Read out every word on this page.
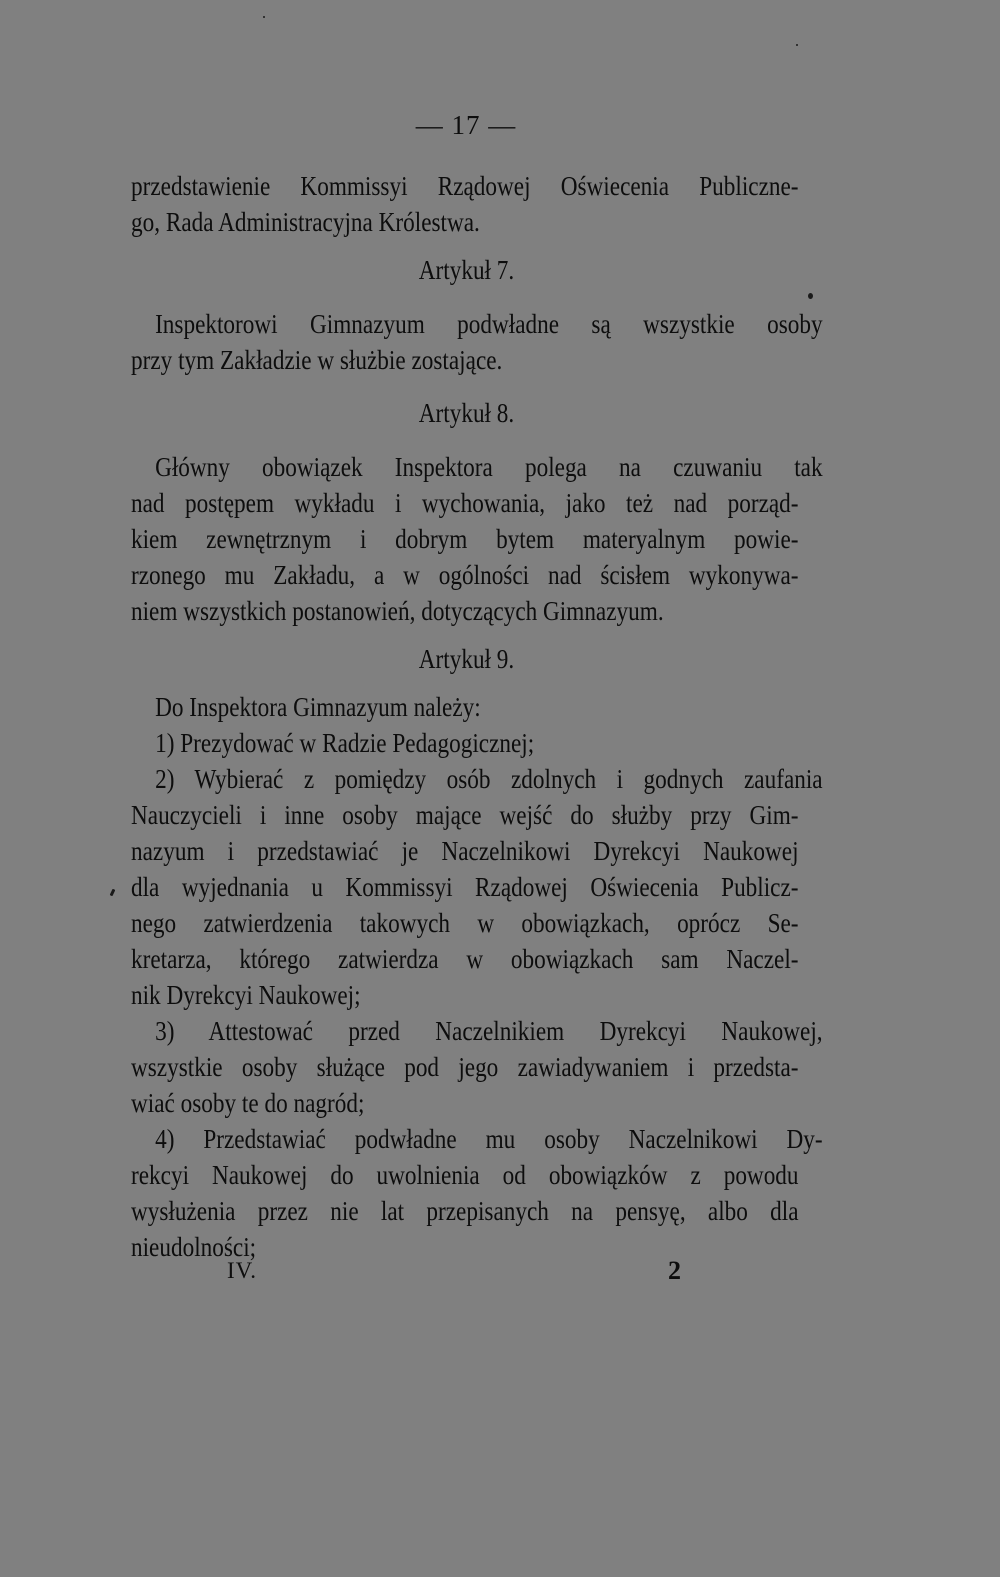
— 17 —
przedstawienie Kommissyi Rządowej Oświecenia Publiczne-
go, Rada Administracyjna Królestwa.
Artykuł 7.
Inspektorowi Gimnazyum podwładne są wszystkie osoby
przy tym Zakładzie w służbie zostające.
Artykuł 8.
Główny obowiązek Inspektora polega na czuwaniu tak
nad postępem wykładu i wychowania, jako też nad porząd-
kiem zewnętrznym i dobrym bytem materyalnym powie-
rzonego mu Zakładu, a w ogólności nad ścisłem wykonywa-
niem wszystkich postanowień, dotyczących Gimnazyum.
Artykuł 9.
Do Inspektora Gimnazyum należy:
1) Prezydować w Radzie Pedagogicznej;
2) Wybierać z pomiędzy osób zdolnych i godnych zaufania
Nauczycieli i inne osoby mające wejść do służby przy Gim-
nazyum i przedstawiać je Naczelnikowi Dyrekcyi Naukowej
dla wyjednania u Kommissyi Rządowej Oświecenia Publicz-
nego zatwierdzenia takowych w obowiązkach, oprócz Se-
kretarza, którego zatwierdza w obowiązkach sam Naczel-
nik Dyrekcyi Naukowej;
3) Attestować przed Naczelnikiem Dyrekcyi Naukowej,
wszystkie osoby służące pod jego zawiadywaniem i przedsta-
wiać osoby te do nagród;
4) Przedstawiać podwładne mu osoby Naczelnikowi Dy-
rekcyi Naukowej do uwolnienia od obowiązków z powodu
wysłużenia przez nie lat przepisanych na pensyę, albo dla
nieudolności;
IV.	2
